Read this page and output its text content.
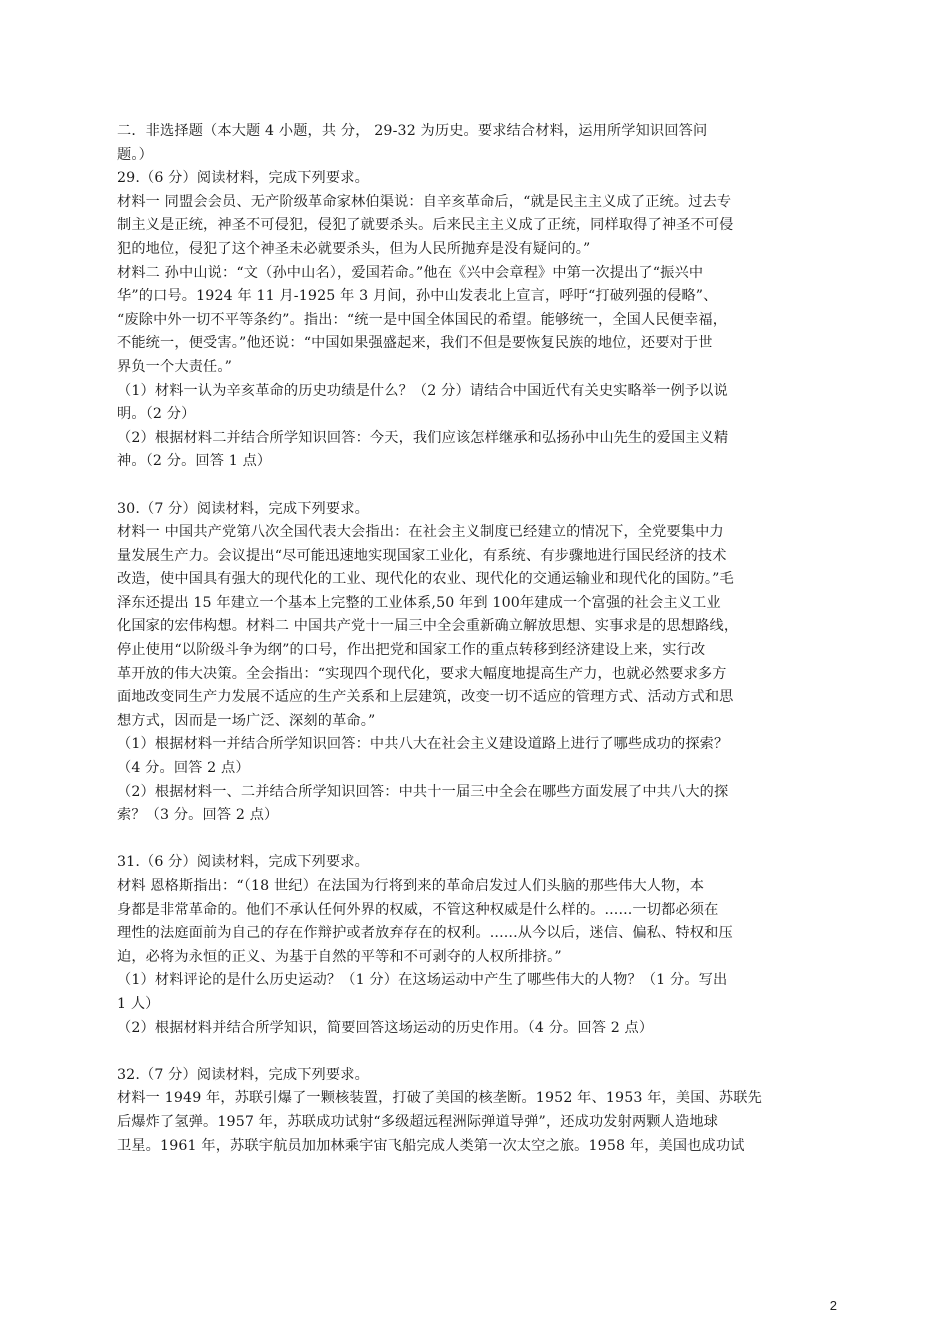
二．非选择题（本大题 4 小题，共 分， 29-32 为历史。要求结合材料，运用所学知识回答问
题。）
29.（6 分）阅读材料，完成下列要求。
材料一 同盟会会员、无产阶级革命家林伯渠说：自辛亥革命后，“就是民主主义成了正统。过去专
制主义是正统，神圣不可侵犯，侵犯了就要杀头。后来民主主义成了正统，同样取得了神圣不可侵
犯的地位，侵犯了这个神圣未必就要杀头，但为人民所抛弃是没有疑问的。”
材料二 孙中山说：“文（孙中山名），爱国若命。”他在《兴中会章程》中第一次提出了“振兴中
华”的口号。1924 年 11 月-1925 年 3 月间，孙中山发表北上宣言，呼吁“打破列强的侵略”、
“废除中外一切不平等条约”。指出：“统一是中国全体国民的希望。能够统一，全国人民便幸福，
不能统一，便受害。”他还说：“中国如果强盛起来，我们不但是要恢复民族的地位，还要对于世
界负一个大责任。”
（1）材料一认为辛亥革命的历史功绩是什么？（2 分）请结合中国近代有关史实略举一例予以说
明。（2 分）
（2）根据材料二并结合所学知识回答：今天，我们应该怎样继承和弘扬孙中山先生的爱国主义精
神。（2 分。回答 1 点）
30.（7 分）阅读材料，完成下列要求。
材料一 中国共产党第八次全国代表大会指出：在社会主义制度已经建立的情况下，全党要集中力
量发展生产力。会议提出“尽可能迅速地实现国家工业化，有系统、有步骤地进行国民经济的技术
改造，使中国具有强大的现代化的工业、现代化的农业、现代化的交通运输业和现代化的国防。”毛
泽东还提出 15 年建立一个基本上完整的工业体系,50 年到 100年建成一个富强的社会主义工业
化国家的宏伟构想。材料二 中国共产党十一届三中全会重新确立解放思想、实事求是的思想路线，
停止使用“以阶级斗争为纲”的口号，作出把党和国家工作的重点转移到经济建设上来，实行改
革开放的伟大决策。全会指出：“实现四个现代化，要求大幅度地提高生产力，也就必然要求多方
面地改变同生产力发展不适应的生产关系和上层建筑，改变一切不适应的管理方式、活动方式和思
想方式，因而是一场广泛、深刻的革命。”
（1）根据材料一并结合所学知识回答：中共八大在社会主义建设道路上进行了哪些成功的探索？
（4 分。回答 2 点）
（2）根据材料一、二并结合所学知识回答：中共十一届三中全会在哪些方面发展了中共八大的探
索？（3 分。回答 2 点）
31.（6 分）阅读材料，完成下列要求。
材料 恩格斯指出：“（18 世纪）在法国为行将到来的革命启发过人们头脑的那些伟大人物，本
身都是非常革命的。他们不承认任何外界的权威，不管这种权威是什么样的。......一切都必须在
理性的法庭面前为自己的存在作辩护或者放弃存在的权利。......从今以后，迷信、偏私、特权和压
迫，必将为永恒的正义、为基于自然的平等和不可剥夺的人权所排挤。”
（1）材料评论的是什么历史运动？（1 分）在这场运动中产生了哪些伟大的人物？（1 分。写出
1 人）
（2）根据材料并结合所学知识，简要回答这场运动的历史作用。（4 分。回答 2 点）
32.（7 分）阅读材料，完成下列要求。
材料一 1949 年，苏联引爆了一颗核装置，打破了美国的核垄断。1952 年、1953 年，美国、苏联先
后爆炸了氢弹。1957 年，苏联成功试射“多级超远程洲际弹道导弹”，还成功发射两颗人造地球
卫星。1961 年，苏联宇航员加加林乘宇宙飞船完成人类第一次太空之旅。1958 年，美国也成功试
2
